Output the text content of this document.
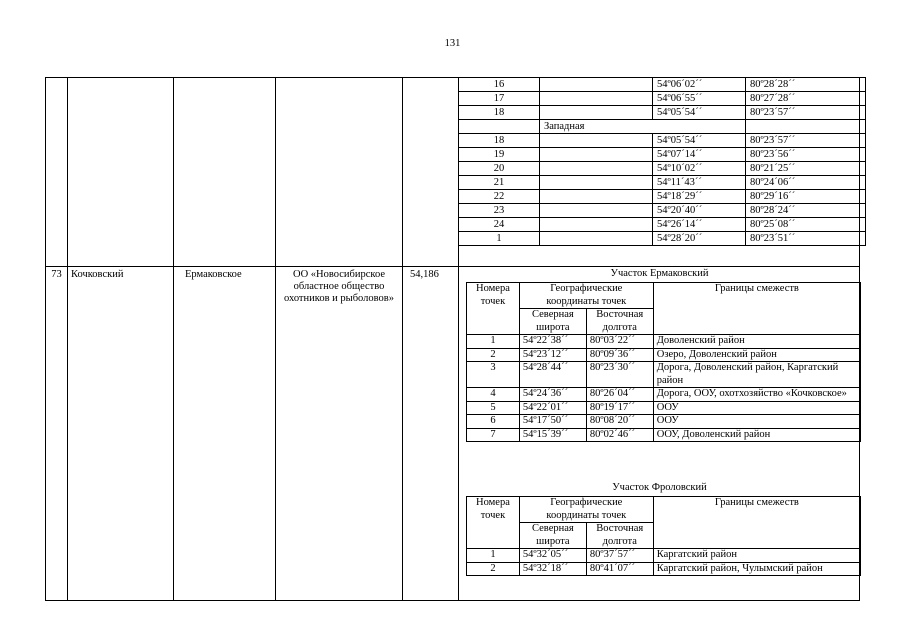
131
73 Кочковский	Ермаковское	ОО «Новосибирское областное общество охотников и рыболовов»
54,186
16		54º06´02´´	80º28´28´´
17		54º06´55´´	80º27´28´´
18		54º05´54´´	80º23´57´´
	Западная		
18		54º05´54´´	80º23´57´´
19		54º07´14´´	80º23´56´´
20		54º10´02´´	80º21´25´´
21		54º11´43´´	80º24´06´´
22		54º18´29´´	80º29´16´´
23		54º20´40´´	80º28´24´´
24		54º26´14´´	80º25´08´´
1		54º28´20´´	80º23´51´´
Участок Ермаковский
Номера точек	Географические координаты точек		Границы смежеств
	Северная широта	Восточная долгота	
1	54º22´38´´	80º03´22´´	Доволенский район
2	54º23´12´´	80º09´36´´	Озеро, Доволенский район
3	54º28´44´´	80º23´30´´	Дорога, Доволенский район, Каргатский район
4	54º24´36´´	80º26´04´´	Дорога, ООУ, охотхозяйство «Кочковское»
5	54º22´01´´	80º19´17´´	ООУ
6	54º17´50´´	80º08´20´´	ООУ
7	54º15´39´´	80º02´46´´	ООУ, Доволенский район
Участок Фроловский
Номера точек	Географические координаты точек		Границы смежеств
	Северная широта	Восточная долгота	
1	54º32´05´´	80º37´57´´	Каргатский район
2	54º32´18´´	80º41´07´´	Каргатский район, Чулымский район
